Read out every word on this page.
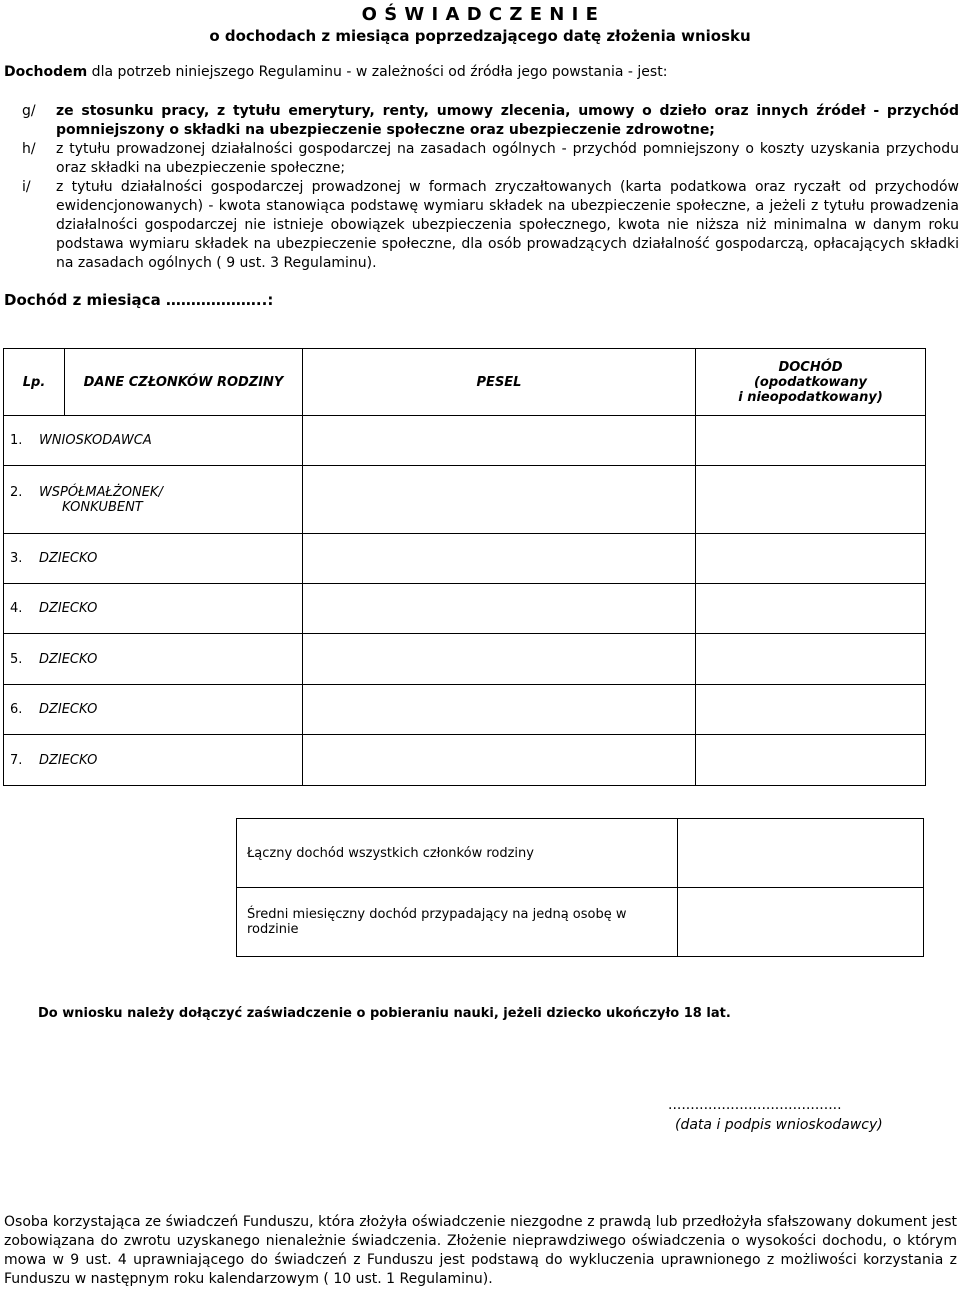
O Ś W I A D C Z E N I E
o dochodach z miesiąca poprzedzającego datę złożenia wniosku
Dochodem dla potrzeb niniejszego Regulaminu - w zależności od źródła jego powstania - jest:
g/ ze stosunku pracy, z tytułu emerytury, renty, umowy zlecenia, umowy o dzieło oraz innych źródeł - przychód pomniejszony o składki na ubezpieczenie społeczne oraz ubezpieczenie zdrowotne;
h/ z tytułu prowadzonej działalności gospodarczej na zasadach ogólnych - przychód pomniejszony o koszty uzyskania przychodu oraz składki na ubezpieczenie społeczne;
i/ z tytułu działalności gospodarczej prowadzonej w formach zryczałtowanych (karta podatkowa oraz ryczałt od przychodów ewidencjonowanych) - kwota stanowiąca podstawę wymiaru składek na ubezpieczenie społeczne, a jeżeli z tytułu prowadzenia działalności gospodarczej nie istnieje obowiązek ubezpieczenia społecznego, kwota nie niższa niż minimalna w danym roku podstawa wymiaru składek na ubezpieczenie społeczne, dla osób prowadzących działalność gospodarczą, opłacających składki na zasadach ogólnych ( 9 ust. 3 Regulaminu).
Dochód z miesiąca ………………..:
Lp.	DANE CZŁONKÓW RODZINY	PESEL	DOCHÓD
(opodatkowany
i nieopodatkowany)

1. WNIOSKODAWCA			

2. WSPÓŁMAŁŻONEK/
KONKUBENT			

3. DZIECKO			
4. DZIECKO			
5. DZIECKO			
6. DZIECKO			
7. DZIECKO			
Łączny dochód wszystkich członków rodziny	
Średni miesięczny dochód przypadający na jedną osobę w rodzinie	
Do wniosku należy dołączyć zaświadczenie o pobieraniu nauki, jeżeli dziecko ukończyło 18 lat.
.......................................
(data i podpis wnioskodawcy)
Osoba korzystająca ze świadczeń Funduszu, która złożyła oświadczenie niezgodne z prawdą lub przedłożyła sfałszowany dokument jest zobowiązana do zwrotu uzyskanego nienależnie świadczenia. Złożenie nieprawdziwego oświadczenia o wysokości dochodu, o którym mowa w 9 ust. 4 uprawniającego do świadczeń z Funduszu jest podstawą do wykluczenia uprawnionego z możliwości korzystania z Funduszu w następnym roku kalendarzowym ( 10 ust. 1 Regulaminu).
